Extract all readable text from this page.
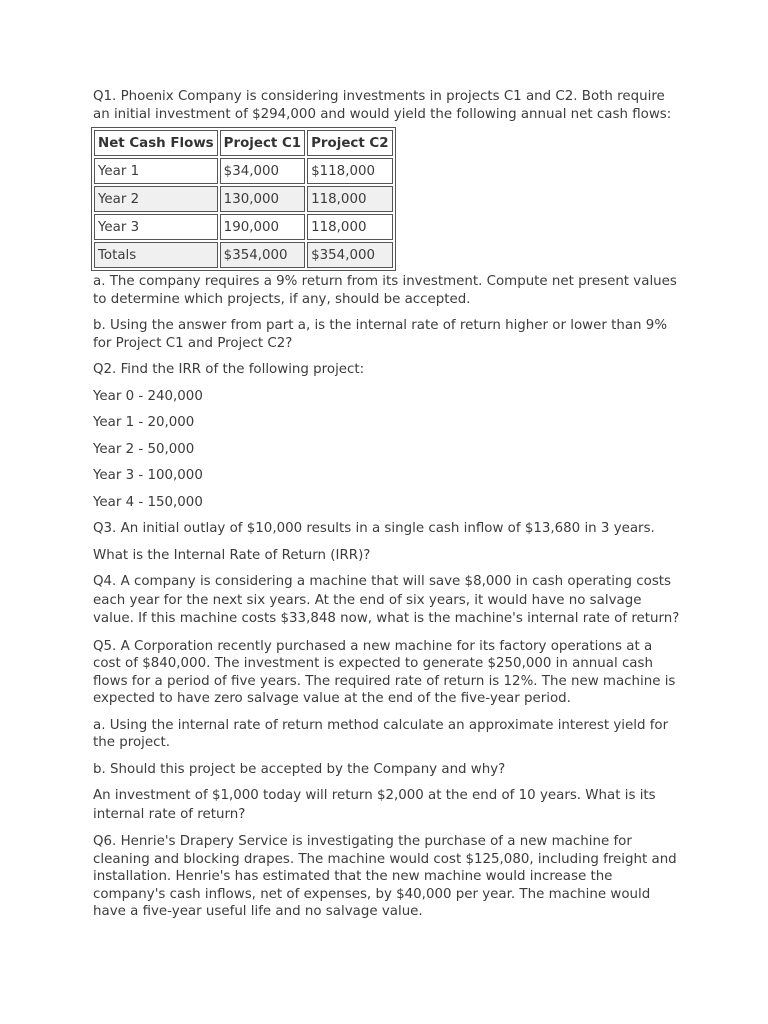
Q1. Phoenix Company is considering investments in projects C1 and C2. Both require an initial investment of $294,000 and would yield the following annual net cash flows:

Net Cash Flows	Project C1	Project C2
Year 1	$34,000	$118,000
Year 2	130,000	118,000
Year 3	190,000	118,000
Totals	$354,000	$354,000

a. The company requires a 9% return from its investment. Compute net present values to determine which projects, if any, should be accepted.

b. Using the answer from part a, is the internal rate of return higher or lower than 9% for Project C1 and Project C2?

Q2. Find the IRR of the following project:

Year 0 - 240,000

Year 1 - 20,000

Year 2 - 50,000

Year 3 - 100,000

Year 4 - 150,000

Q3. An initial outlay of $10,000 results in a single cash inflow of $13,680 in 3 years.

What is the Internal Rate of Return (IRR)?

Q4. A company is considering a machine that will save $8,000 in cash operating costs each year for the next six years. At the end of six years, it would have no salvage value. If this machine costs $33,848 now, what is the machine's internal rate of return?

Q5. A Corporation recently purchased a new machine for its factory operations at a cost of $840,000. The investment is expected to generate $250,000 in annual cash flows for a period of five years. The required rate of return is 12%. The new machine is expected to have zero salvage value at the end of the five-year period.

a. Using the internal rate of return method calculate an approximate interest yield for the project.

b. Should this project be accepted by the Company and why?

An investment of $1,000 today will return $2,000 at the end of 10 years. What is its internal rate of return?

Q6. Henrie's Drapery Service is investigating the purchase of a new machine for cleaning and blocking drapes. The machine would cost $125,080, including freight and installation. Henrie's has estimated that the new machine would increase the company's cash inflows, net of expenses, by $40,000 per year. The machine would have a five-year useful life and no salvage value.
